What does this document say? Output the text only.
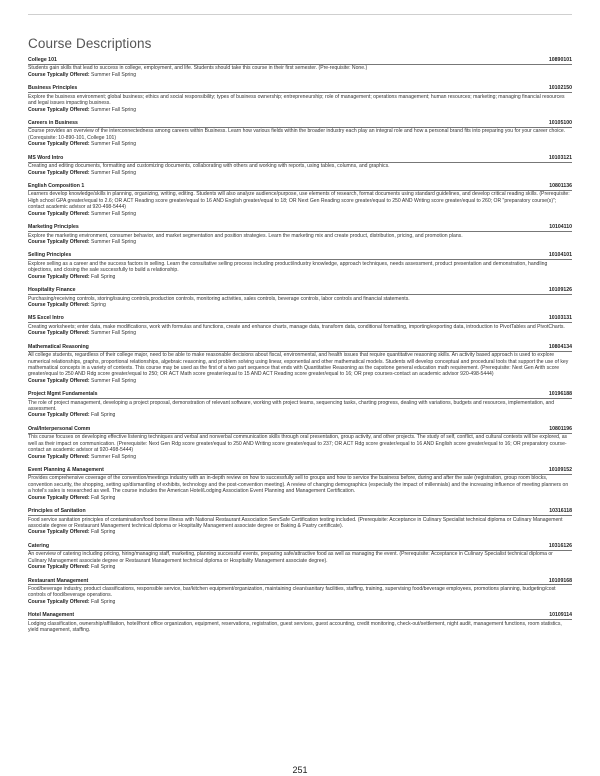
Course Descriptions
College 101	10890101
Students gain skills that lead to success in college, employment, and life. Students should take this course in their first semester. (Pre-requisite: None.)
Course Typically Offered: Summer Fall Spring
Business Principles	10102150
Explore the business environment; global business; ethics and social responsibility; types of business ownership; entrepreneurship; role of management; operations management; human resources; marketing; managing financial resources and legal issues impacting business.
Course Typically Offered: Summer Fall Spring
Careers in Business	10105100
Course provides an overview of the interconnectedness among careers within Business. Learn how various fields within the broader industry each play an integral role and how a personal brand fits into preparing you for your career choice. (Corequisite: 10-890-101, College 101)
Course Typically Offered: Summer Fall Spring
MS Word Intro	10103121
Creating and editing documents, formatting and customizing documents, collaborating with others and working with reports, using tables, columns, and graphics.
Course Typically Offered: Summer Fall Spring
English Composition 1	10801136
Learners develop knowledge/skills in planning, organizing, writing, editing. Students will also analyze audience/purpose, use elements of research, format documents using standard guidelines, and develop critical reading skills. (Prerequisite: High school GPA greater/equal to 2.6; OR ACT Reading score greater/equal to 16 AND English greater/equal to 18; OR Next Gen Reading score greater/equal to 250 AND Writing score greater/equal to 260; OR "preparatory course(s)"; contact academic advisor at 920-498-5444)
Course Typically Offered: Summer Fall Spring
Marketing Principles	10104110
Explore the marketing environment, consumer behavior, and market segmentation and position strategies. Learn the marketing mix and create product, distribution, pricing, and promotion plans.
Course Typically Offered: Summer Fall Spring
Selling Principles	10104101
Explore selling as a career and the success factors in selling. Learn the consultative selling process including product/industry knowledge, approach techniques, needs assessment, product presentation and demonstration, handling objections, and closing the sale successfully to build a relationship.
Course Typically Offered: Fall Spring
Hospitality Finance	10109126
Purchasing/receiving controls, storing/issuing controls,production controls, monitoring activities, sales controls, beverage controls, labor controls and financial statements.
Course Typically Offered: Spring
MS Excel Intro	10103131
Creating worksheets; enter data, make modifications, work with formulas and functions, create and enhance charts, manage data, transform data, conditional formatting, importing/exporting data, introduction to PivotTables and PivotCharts.
Course Typically Offered: Summer Fall Spring
Mathematical Reasoning	10804134
All college students, regardless of their college major, need to be able to make reasonable decisions about fiscal, environmental, and health issues that require quantitative reasoning skills. An activity based approach is used to explore numerical relationships, graphs, proportional relationships, algebraic reasoning, and problem solving using linear, exponential and other mathematical models. Students will develop conceptual and procedural tools that support the use of key mathematical concepts in a variety of contexts. This course may be used as the first of a two part sequence that ends with Quantitative Reasoning as the capstone general education math requirement. (Prerequisite: Next Gen Arith score greater/equal to 250 AND Rdg score greater/equal to 250; OR ACT Math score greater/equal to 15 AND ACT Reading score greater/equal to 16; OR prep courses-contact an academic advisor 920-498-5444)
Course Typically Offered: Summer Fall Spring
Project Mgmt Fundamentals	10196188
The role of project management, developing a project proposal, demonstration of relevant software, working with project teams, sequencing tasks, charting progress, dealing with variations, budgets and resources, implementation, and assessment.
Course Typically Offered: Fall Spring
Oral/Interpersonal Comm	10801196
This course focuses on developing effective listening techniques and verbal and nonverbal communication skills through oral presentation, group activity, and other projects. The study of self, conflict, and cultural contexts will be explored, as well as their impact on communication. (Prerequisite: Next Gen Rdg score greater/equal to 250 AND Writing score greater/equal to 237; OR ACT Rdg score greater/equal to 16 AND English score greater/equal to 16; OR preparatory course-contact an academic advisor at 920-498-5444)
Course Typically Offered: Summer Fall Spring
Event Planning & Management	10109152
Provides comprehensive coverage of the convention/meetings industry with an in-depth review on how to successfully sell to groups and how to service the business before, during and after the sale (registration, group room blocks, convention security, the shopping, setting up/dismantling of exhibits, technology and the post-convention meeting). A review of changing demographics (especially the impact of millennials) and the increasing influence of meeting planners on a hotel's sales is researched as well. The course includes the American Hotel/Lodging Association Event Planning and Management Certification.
Course Typically Offered: Fall Spring
Principles of Sanitation	10316118
Food service sanitation principles of contamination/food borne illness with National Restaurant Association ServSafe Certification testing included. (Prerequisite: Acceptance in Culinary Specialist technical diploma or Culinary Management associate degree or Restaurant Management technical diploma or Hospitality Management associate degree or Baking & Pastry certificate).
Course Typically Offered: Fall Spring
Catering	10316126
An overview of catering including pricing, hiring/managing staff, marketing, planning successful events, preparing safe/attractive food as well as managing the event. (Prerequisite: Acceptance in Culinary Specialist technical diploma or Culinary Management associate degree or Restaurant Management technical diploma or Hospitality Management associate degree).
Course Typically Offered: Fall Spring
Restaurant Management	10109168
Food/beverage industry, product classifications, responsible service, bar/kitchen equipment/organization, maintaining clean/sanitary facilities, staffing, training, supervising food/beverage employees, promotions planning, budgeting/cost controls of food/beverage operations.
Course Typically Offered: Fall Spring
Hotel Management	10109114
Lodging classification, ownership/affiliation, hotel/front office organization, equipment, reservations, registration, guest services, guest accounting, credit monitoring, check-out/settlement, night audit, management functions, room statistics, yield management, staffing.
251
